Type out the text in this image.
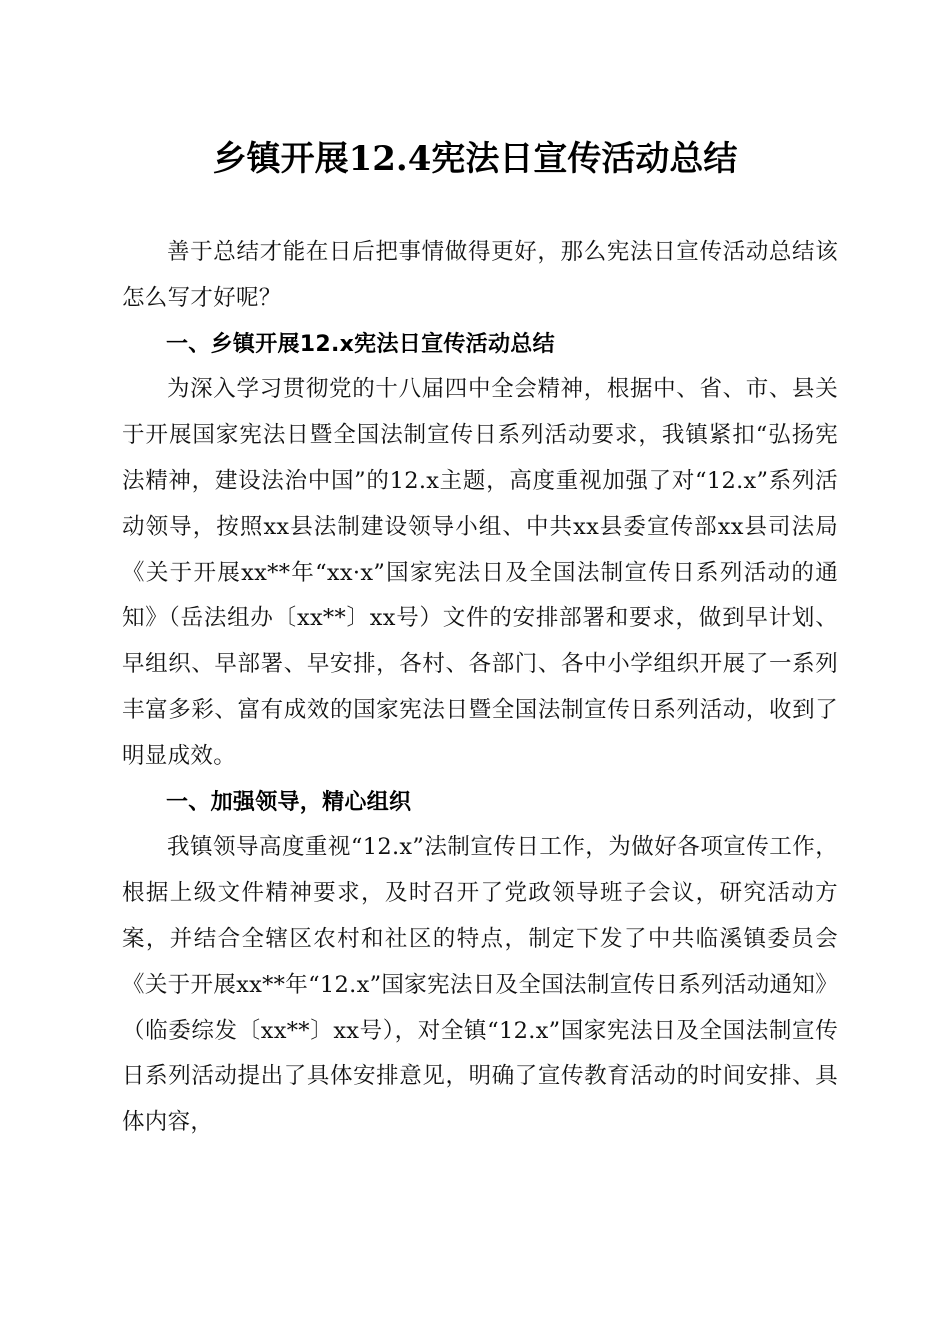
乡镇开展12.4宪法日宣传活动总结

善于总结才能在日后把事情做得更好，那么宪法日宣传活动总结该怎么写才好呢？

一、乡镇开展12.x宪法日宣传活动总结

为深入学习贯彻党的十八届四中全会精神，根据中、省、市、县关于开展国家宪法日暨全国法制宣传日系列活动要求，我镇紧扣“弘扬宪法精神，建设法治中国”的12.x主题，高度重视加强了对“12.x”系列活动领导，按照xx县法制建设领导小组、中共xx县委宣传部xx县司法局《关于开展xx**年“xx·x”国家宪法日及全国法制宣传日系列活动的通知》（岳法组办〔xx**〕xx号）文件的安排部署和要求，做到早计划、早组织、早部署、早安排，各村、各部门、各中小学组织开展了一系列丰富多彩、富有成效的国家宪法日暨全国法制宣传日系列活动，收到了明显成效。

一、加强领导，精心组织

我镇领导高度重视“12.x”法制宣传日工作，为做好各项宣传工作，根据上级文件精神要求，及时召开了党政领导班子会议，研究活动方案，并结合全辖区农村和社区的特点，制定下发了中共临溪镇委员会《关于开展xx**年“12.x”国家宪法日及全国法制宣传日系列活动通知》（临委综发〔xx**〕xx号），对全镇“12.x”国家宪法日及全国法制宣传日系列活动提出了具体安排意见，明确了宣传教育活动的时间安排、具体内容，
